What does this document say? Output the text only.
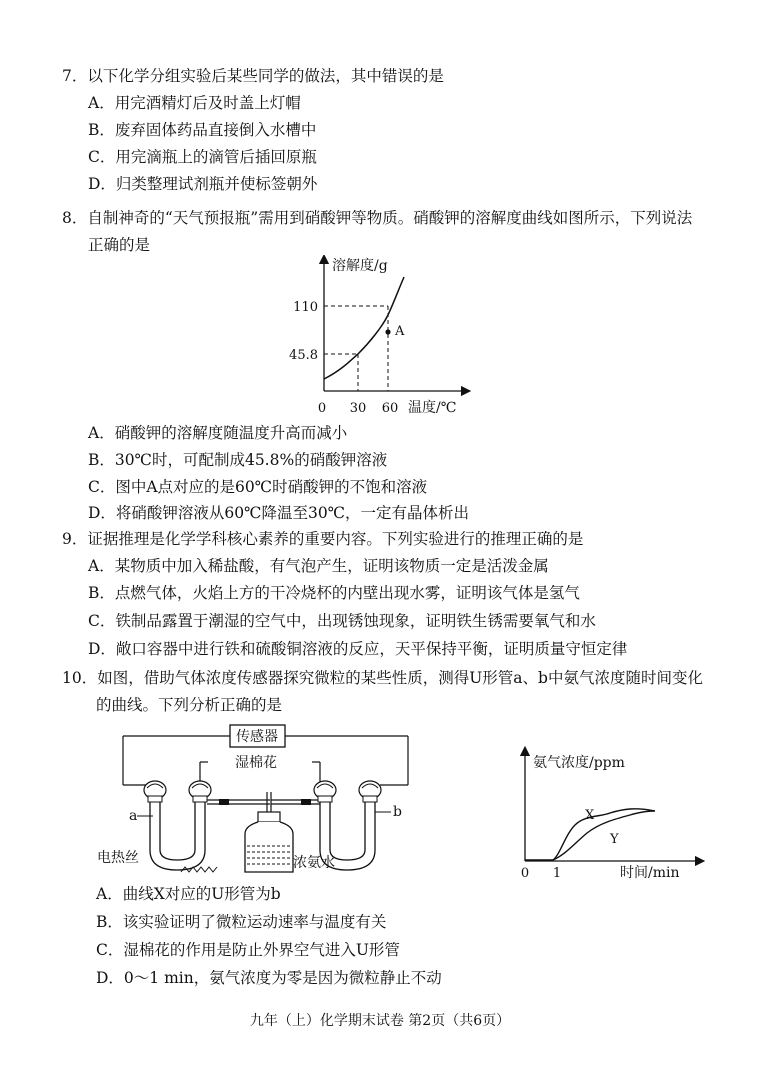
7．以下化学分组实验后某些同学的做法，其中错误的是
A．用完酒精灯后及时盖上灯帽
B．废弃固体药品直接倒入水槽中
C．用完滴瓶上的滴管后插回原瓶
D．归类整理试剂瓶并使标签朝外
8．自制神奇的“天气预报瓶”需用到硝酸钾等物质。硝酸钾的溶解度曲线如图所示，下列说法
正确的是
A
溶解度/g
温度/℃
110
45.8
0 30 60
A．硝酸钾的溶解度随温度升高而减小
B．30℃时，可配制成45.8%的硝酸钾溶液
C．图中A点对应的是60℃时硝酸钾的不饱和溶液
D．将硝酸钾溶液从60℃降温至30℃，一定有晶体析出
9．证据推理是化学学科核心素养的重要内容。下列实验进行的推理正确的是
A．某物质中加入稀盐酸，有气泡产生，证明该物质一定是活泼金属
B．点燃气体，火焰上方的干冷烧杯的内壁出现水雾，证明该气体是氢气
C．铁制品露置于潮湿的空气中，出现锈蚀现象，证明铁生锈需要氧气和水
D．敞口容器中进行铁和硫酸铜溶液的反应，天平保持平衡，证明质量守恒定律
10．如图，借助气体浓度传感器探究微粒的某些性质，测得U形管a、b中氨气浓度随时间变化
的曲线。下列分析正确的是
传感器
湿棉花
a
电热丝	浓氨水
b
氨气浓度/ppm
时间/min
0 1
X
Y
A．曲线X对应的U形管为b
B．该实验证明了微粒运动速率与温度有关
C．湿棉花的作用是防止外界空气进入U形管
D．0～1 min，氨气浓度为零是因为微粒静止不动
九年（上）化学期末试卷 第2页（共6页）
